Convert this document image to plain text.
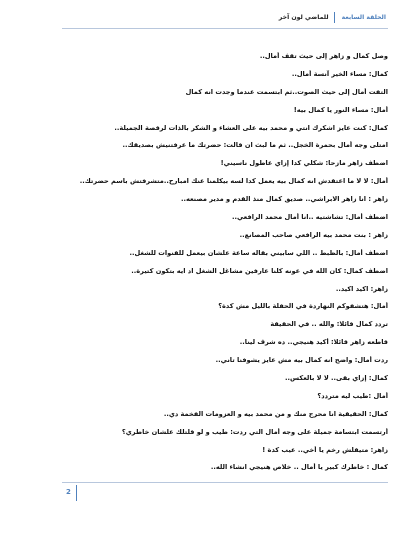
الحلقة السابعة
للماضي لون آخر
وصل كمال و زاهر إلى حيث تقف أمال..
كمال: مساء الخير آنسة أمال..
التفت أمال إلى حيث الصوت..ثم ابتسمت عندما وجدت انه كمال
أمال: مساء النور يا كمال بيه!
كمال: كنت عايز اشكرك انتي و محمد بيه على العشاء و الشكر بالذات لرقصة الجميلة..
امتلى وجه أمال بحمرة الخجل.. ثم ما لبث ان قالت: حضرتك ما عرفتنيش بصديقك..
اضطف زاهر مازحا: شكلي كدا إزاي عاطول ناسيني!
أمال: لا لا ما اعتقدش انه كمال بيه يعمل كدا لسه بيكلمنا عنك امبارح..متشرفتش باسم حضرتك..
زاهر : انا زاهر الابراشي.. صديق كمال منذ القدم و مدير مصنعه..
اضطف أمال: تشاشتيه ..انا أمال محمد الرافعي..
زاهر : بنت محمد بيه الرافعي صاحب المصانع..
اضطف أمال: بالظبط .. اللي سابيني بقاله ساعة علشان بيعمل للقنوات للشغل..
اضطف كمال: كان الله في عونه كلنا عارفين مشاغل الشغل اد ايه بتكون كتيرة..
زاهر: اكيد اكيد..
أمال: هتشفوكم النهاردة في الحفلة بالليل مش كدة؟
تردد كمال قائلا: والله .. في الحقيقة
قاطعه زاهر قائلا: أكيد هنيجي.. ده شرف لينا..
ردت أمال: واضح انه كمال بيه مش عايز يشوفنا تاني..
كمال: إزاي بقى.. لا لا بالعكس..
أمال :طيب ليه متردد؟
كمال: الحقيقية انا محرج منك و من محمد بيه و العزومات الفخمة دي..
أرتسمت ابتسامة جميلة على وجه أمال التي ردت: طيب و لو قلتلك علشان خاطري؟
زاهر: متيقلش رخم يا أخي.. عيب كدة !
كمال : خاطرك كبير يا أمال .. خلاص هنيجي انشاء الله..
2
